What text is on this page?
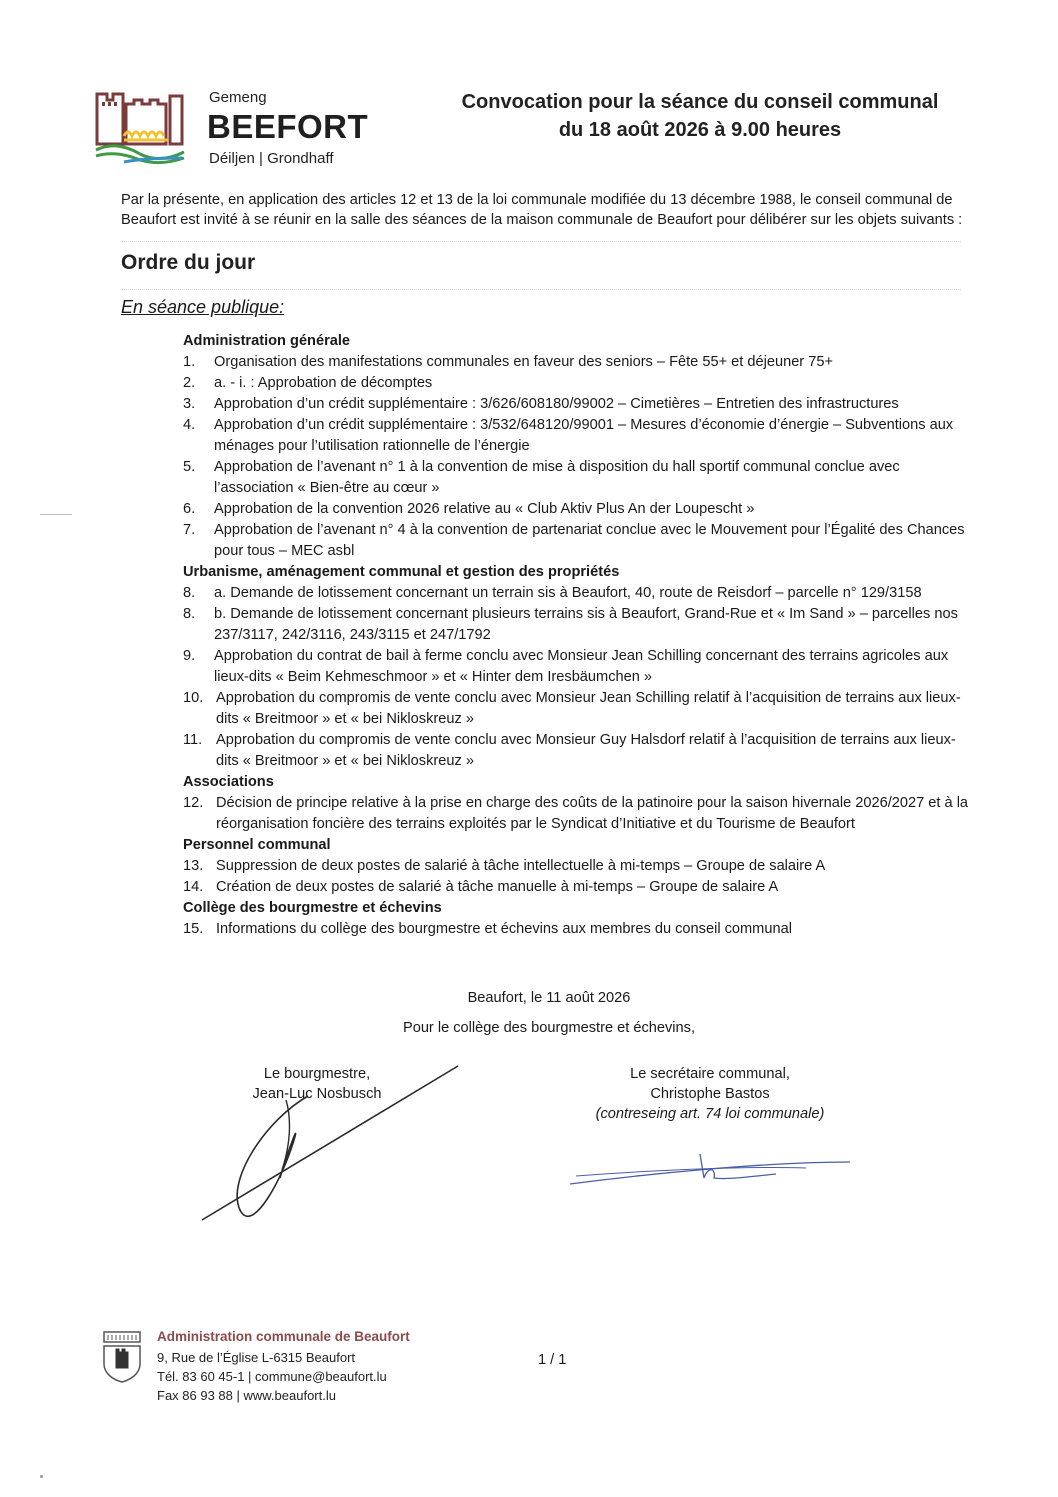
Gemeng
BEEFORT
Déiljen | Grondhaff
Convocation pour la séance du conseil communal
du 18 août 2026 à 9.00 heures
Par la présente, en application des articles 12 et 13 de la loi communale modifiée du 13 décembre 1988, le conseil communal de Beaufort est invité à se réunir en la salle des séances de la maison communale de Beaufort pour délibérer sur les objets suivants :
Ordre du jour
En séance publique:

Administration générale

1.	Organisation des manifestations communales en faveur des seniors – Fête 55+ et déjeuner 75+
2.	a. - i. : Approbation de décomptes
3.	Approbation d’un crédit supplémentaire : 3/626/608180/99002 – Cimetières – Entretien des infrastructures
4.	Approbation d’un crédit supplémentaire : 3/532/648120/99001 – Mesures d’économie d’énergie – Subventions aux ménages pour l’utilisation rationnelle de l’énergie
5.	Approbation de l’avenant n° 1 à la convention de mise à disposition du hall sportif communal conclue avec l’association « Bien-être au cœur »
6.	Approbation de la convention 2026 relative au « Club Aktiv Plus An der Loupescht »
7.	Approbation de l’avenant n° 4 à la convention de partenariat conclue avec le Mouvement pour l’Égalité des Chances pour tous – MEC asbl

Urbanisme, aménagement communal et gestion des propriétés

8.	a. Demande de lotissement concernant un terrain sis à Beaufort, 40, route de Reisdorf – parcelle n° 129/3158
8.	b. Demande de lotissement concernant plusieurs terrains sis à Beaufort, Grand-Rue et « Im Sand » – parcelles nos 237/3117, 242/3116, 243/3115 et 247/1792
9.	Approbation du contrat de bail à ferme conclu avec Monsieur Jean Schilling concernant des terrains agricoles aux lieux-dits « Beim Kehmeschmoor » et « Hinter dem Iresbäumchen »
10. Approbation du compromis de vente conclu avec Monsieur Jean Schilling relatif à l’acquisition de terrains aux lieux-dits « Breitmoor » et « bei Nikloskreuz »
11. Approbation du compromis de vente conclu avec Monsieur Guy Halsdorf relatif à l’acquisition de terrains aux lieux-dits « Breitmoor » et « bei Nikloskreuz »

Associations

12. Décision de principe relative à la prise en charge des coûts de la patinoire pour la saison hivernale 2026/2027 et à la réorganisation foncière des terrains exploités par le Syndicat d’Initiative et du Tourisme de Beaufort

Personnel communal

13. Suppression de deux postes de salarié à tâche intellectuelle à mi-temps – Groupe de salaire A
14. Création de deux postes de salarié à tâche manuelle à mi-temps – Groupe de salaire A

Collège des bourgmestre et échevins

15. Informations du collège des bourgmestre et échevins aux membres du conseil communal
Beaufort, le 11 août 2026
Pour le collège des bourgmestre et échevins,
Le bourgmestre,
Jean-Luc Nosbusch
Le secrétaire communal,
Christophe Bastos
(contreseing art. 74 loi communale)
Administration communale de Beaufort
9, Rue de l’Église L-6315 Beaufort
Tél. 83 60 45-1 | commune@beaufort.lu
Fax 86 93 88 | www.beaufort.lu
1 / 1
